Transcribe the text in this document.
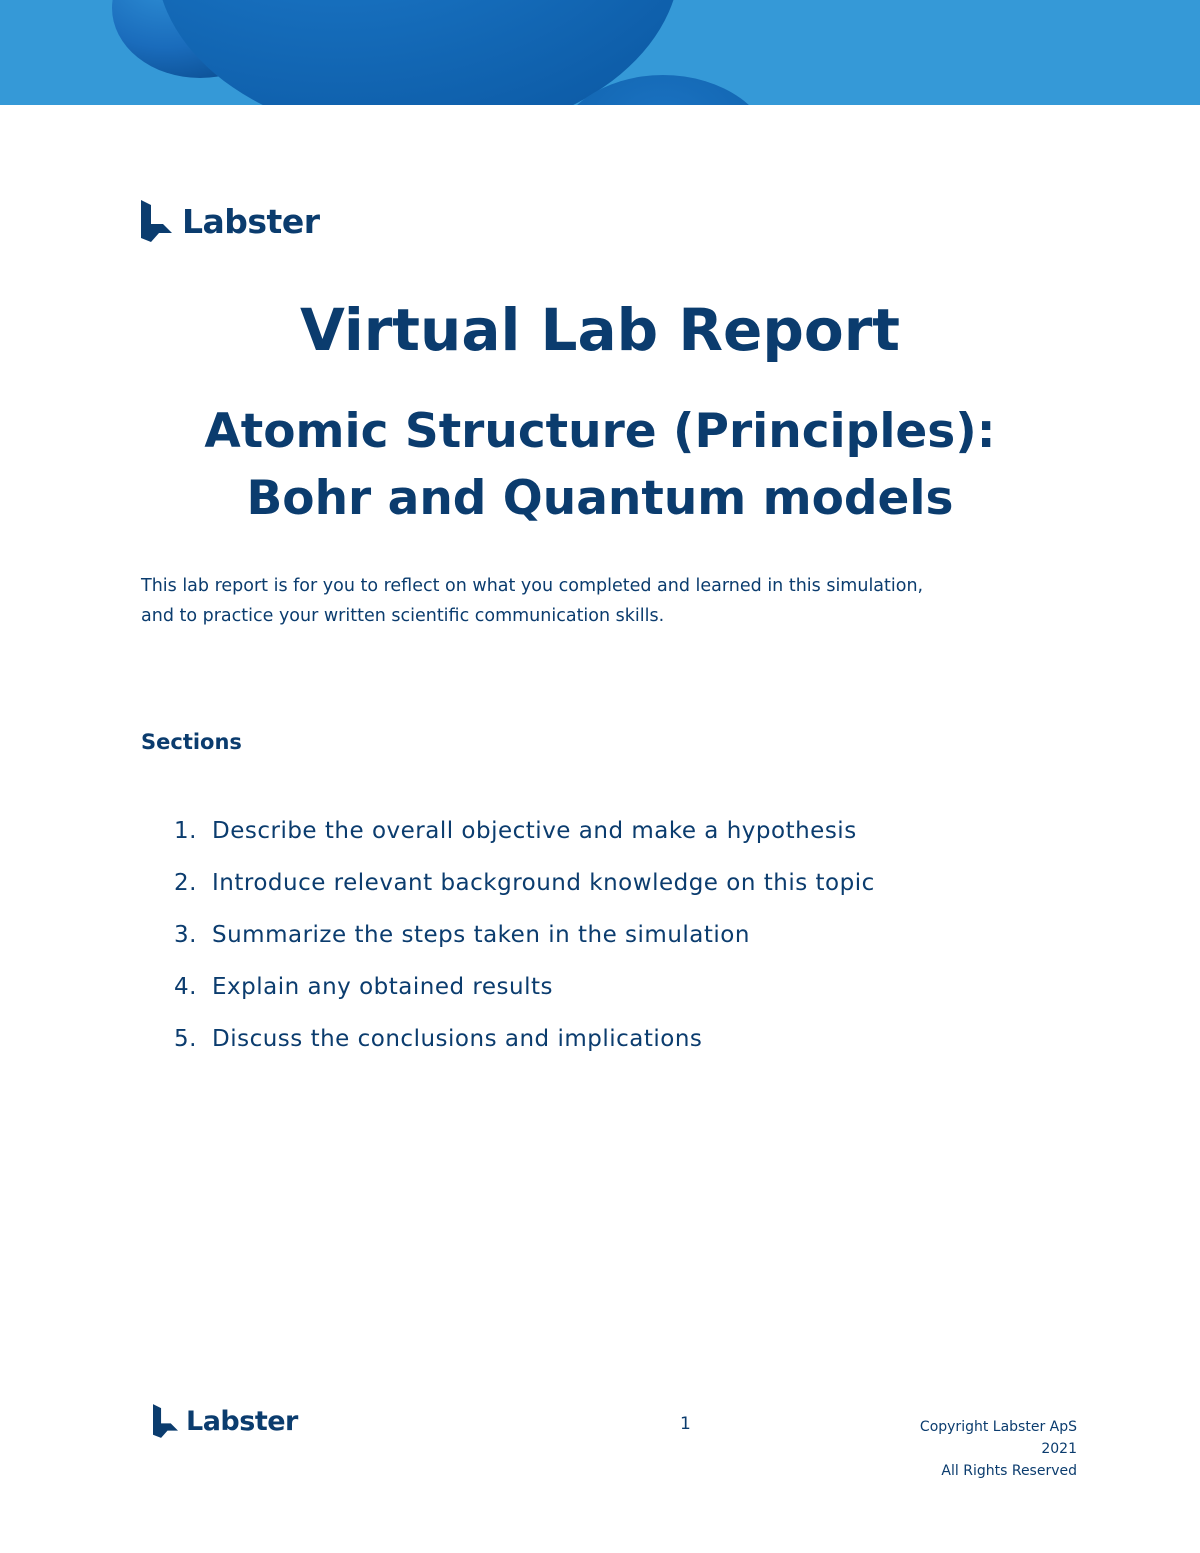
Labster
Virtual Lab Report
Atomic Structure (Principles):
Bohr and Quantum models
This lab report is for you to reflect on what you completed and learned in this simulation,
and to practice your written scientific communication skills.
Sections
1. Describe the overall objective and make a hypothesis
2. Introduce relevant background knowledge on this topic
3. Summarize the steps taken in the simulation
4. Explain any obtained results
5. Discuss the conclusions and implications
Labster	1	Copyright Labster ApS
2021
All Rights Reserved
